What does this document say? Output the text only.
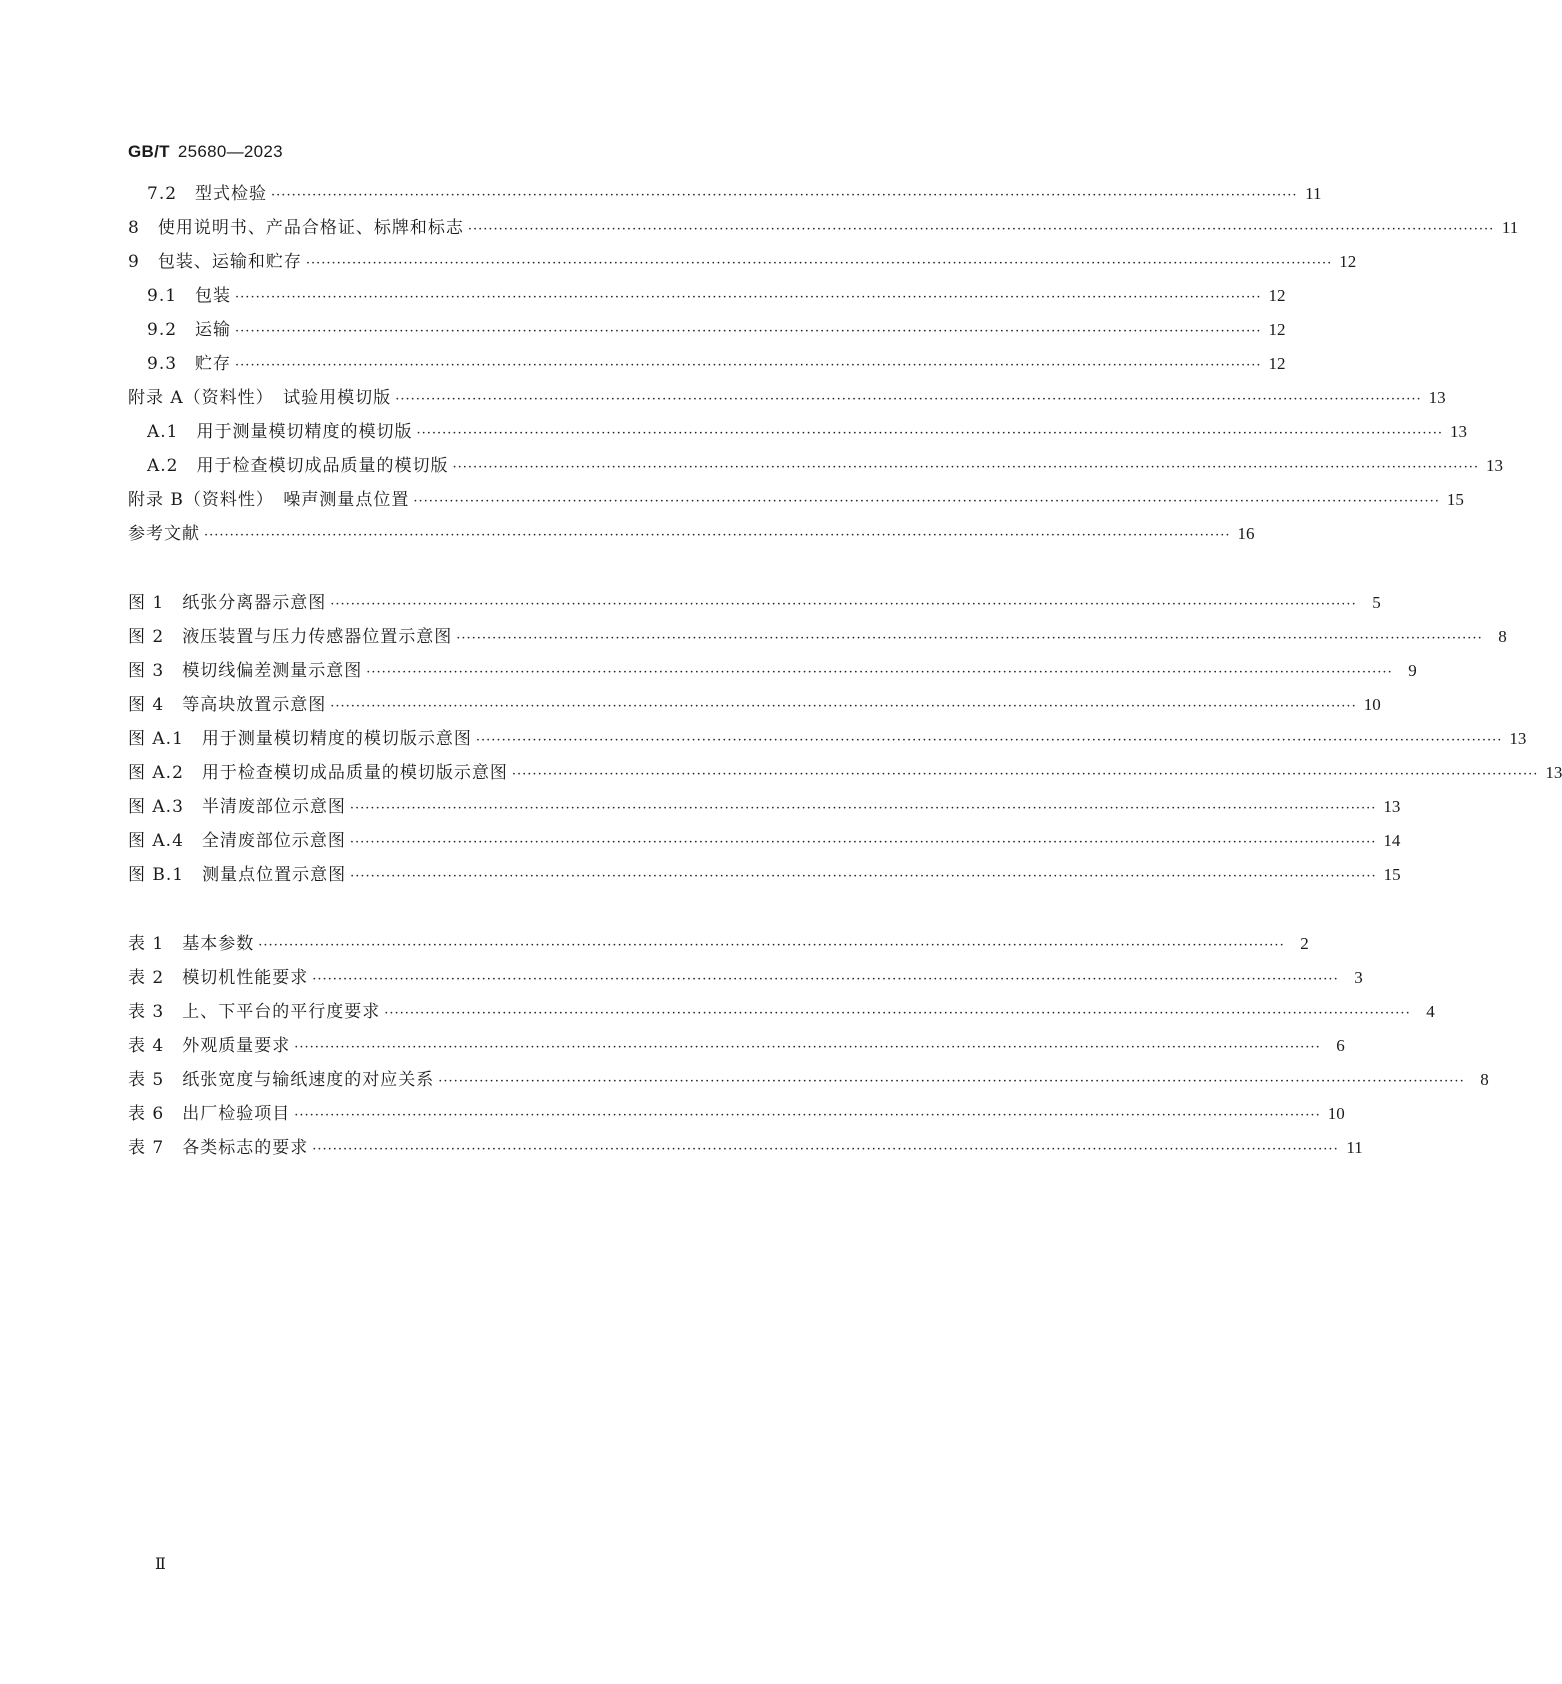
GB/T 25680—2023
7.2　型式检验 ········································································································································································································ 11
8　使用说明书、产品合格证、标牌和标志 ········································································································································································································ 11
9　包装、运输和贮存 ········································································································································································································ 12
9.1　包装 ········································································································································································································ 12
9.2　运输 ········································································································································································································ 12
9.3　贮存 ········································································································································································································ 12
附录 A（资料性）　试验用模切版 ········································································································································································································ 13
A.1　用于测量模切精度的模切版 ········································································································································································································ 13
A.2　用于检查模切成品质量的模切版 ········································································································································································································ 13
附录 B（资料性）　噪声测量点位置 ········································································································································································································ 15
参考文献 ········································································································································································································ 16
图 1　纸张分离器示意图 ········································································································································································································ 5
图 2　液压装置与压力传感器位置示意图 ········································································································································································································ 8
图 3　模切线偏差测量示意图 ········································································································································································································ 9
图 4　等高块放置示意图 ········································································································································································································ 10
图 A.1　用于测量模切精度的模切版示意图 ········································································································································································································ 13
图 A.2　用于检查模切成品质量的模切版示意图 ········································································································································································································ 13
图 A.3　半清废部位示意图 ········································································································································································································ 13
图 A.4　全清废部位示意图 ········································································································································································································ 14
图 B.1　测量点位置示意图 ········································································································································································································ 15
表 1　基本参数 ········································································································································································································ 2
表 2　模切机性能要求 ········································································································································································································ 3
表 3　上、下平台的平行度要求 ········································································································································································································ 4
表 4　外观质量要求 ········································································································································································································ 6
表 5　纸张宽度与输纸速度的对应关系 ········································································································································································································ 8
表 6　出厂检验项目 ········································································································································································································ 10
表 7　各类标志的要求 ········································································································································································································ 11
Ⅱ
